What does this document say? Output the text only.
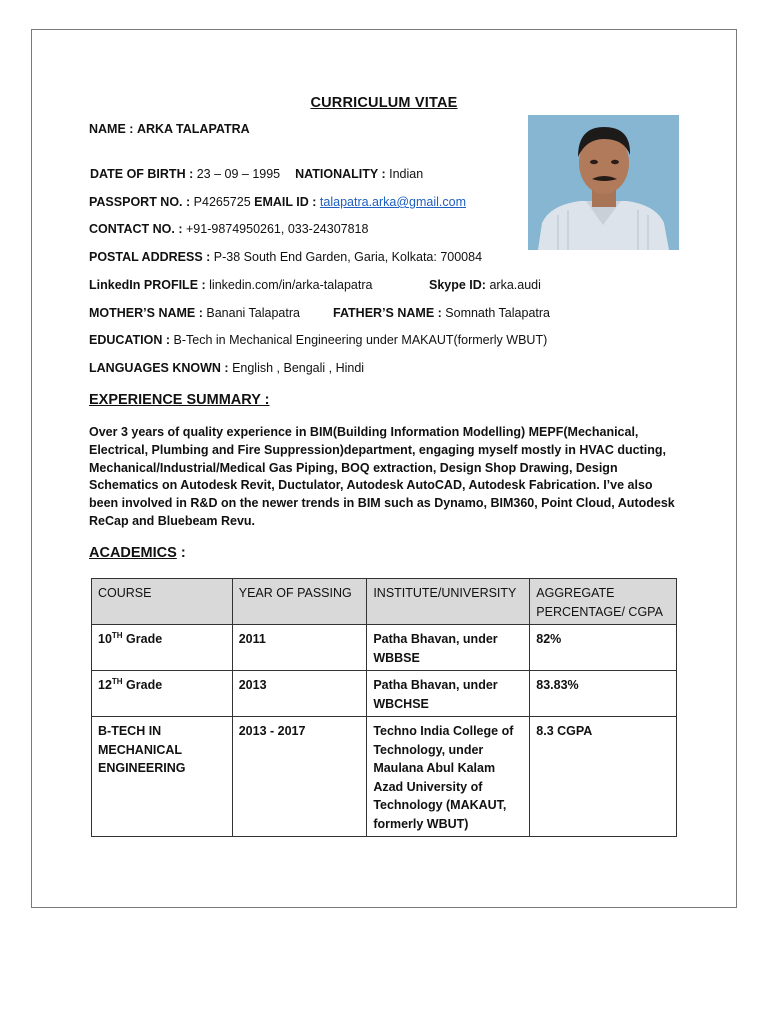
CURRICULUM VITAE
NAME : ARKA TALAPATRA
DATE OF BIRTH : 23 – 09 – 1995 NATIONALITY : Indian
PASSPORT NO. : P4265725 EMAIL ID : talapatra.arka@gmail.com
CONTACT NO. : +91-9874950261, 033-24307818
POSTAL ADDRESS : P-38 South End Garden, Garia, Kolkata: 700084
LinkedIn PROFILE : linkedin.com/in/arka-talapatra	Skype ID: arka.audi
MOTHER’S NAME : Banani Talapatra	FATHER’S NAME : Somnath Talapatra
EDUCATION : B-Tech in Mechanical Engineering under MAKAUT(formerly WBUT)
LANGUAGES KNOWN : English , Bengali , Hindi
EXPERIENCE SUMMARY :

Over 3 years of quality experience in BIM(Building Information Modelling) MEPF(Mechanical, Electrical, Plumbing and Fire Suppression)department, engaging myself mostly in HVAC ducting, Mechanical/Industrial/Medical Gas Piping, BOQ extraction, Design Shop Drawing, Design Schematics on Autodesk Revit, Ductulator, Autodesk AutoCAD, Autodesk Fabrication. I’ve also been involved in R&D on the newer trends in BIM such as Dynamo, BIM360, Point Cloud, Autodesk ReCap and Bluebeam Revu.

ACADEMICS :
COURSE	YEAR OF PASSING	INSTITUTE/UNIVERSITY	AGGREGATE PERCENTAGE/ CGPA
10TH Grade	2011	Patha Bhavan, under WBBSE	82%
12TH Grade	2013	Patha Bhavan, under WBCHSE	83.83%
B-TECH IN MECHANICAL ENGINEERING	2013 - 2017	Techno India College of Technology, under Maulana Abul Kalam Azad University of Technology (MAKAUT, formerly WBUT)	8.3 CGPA
